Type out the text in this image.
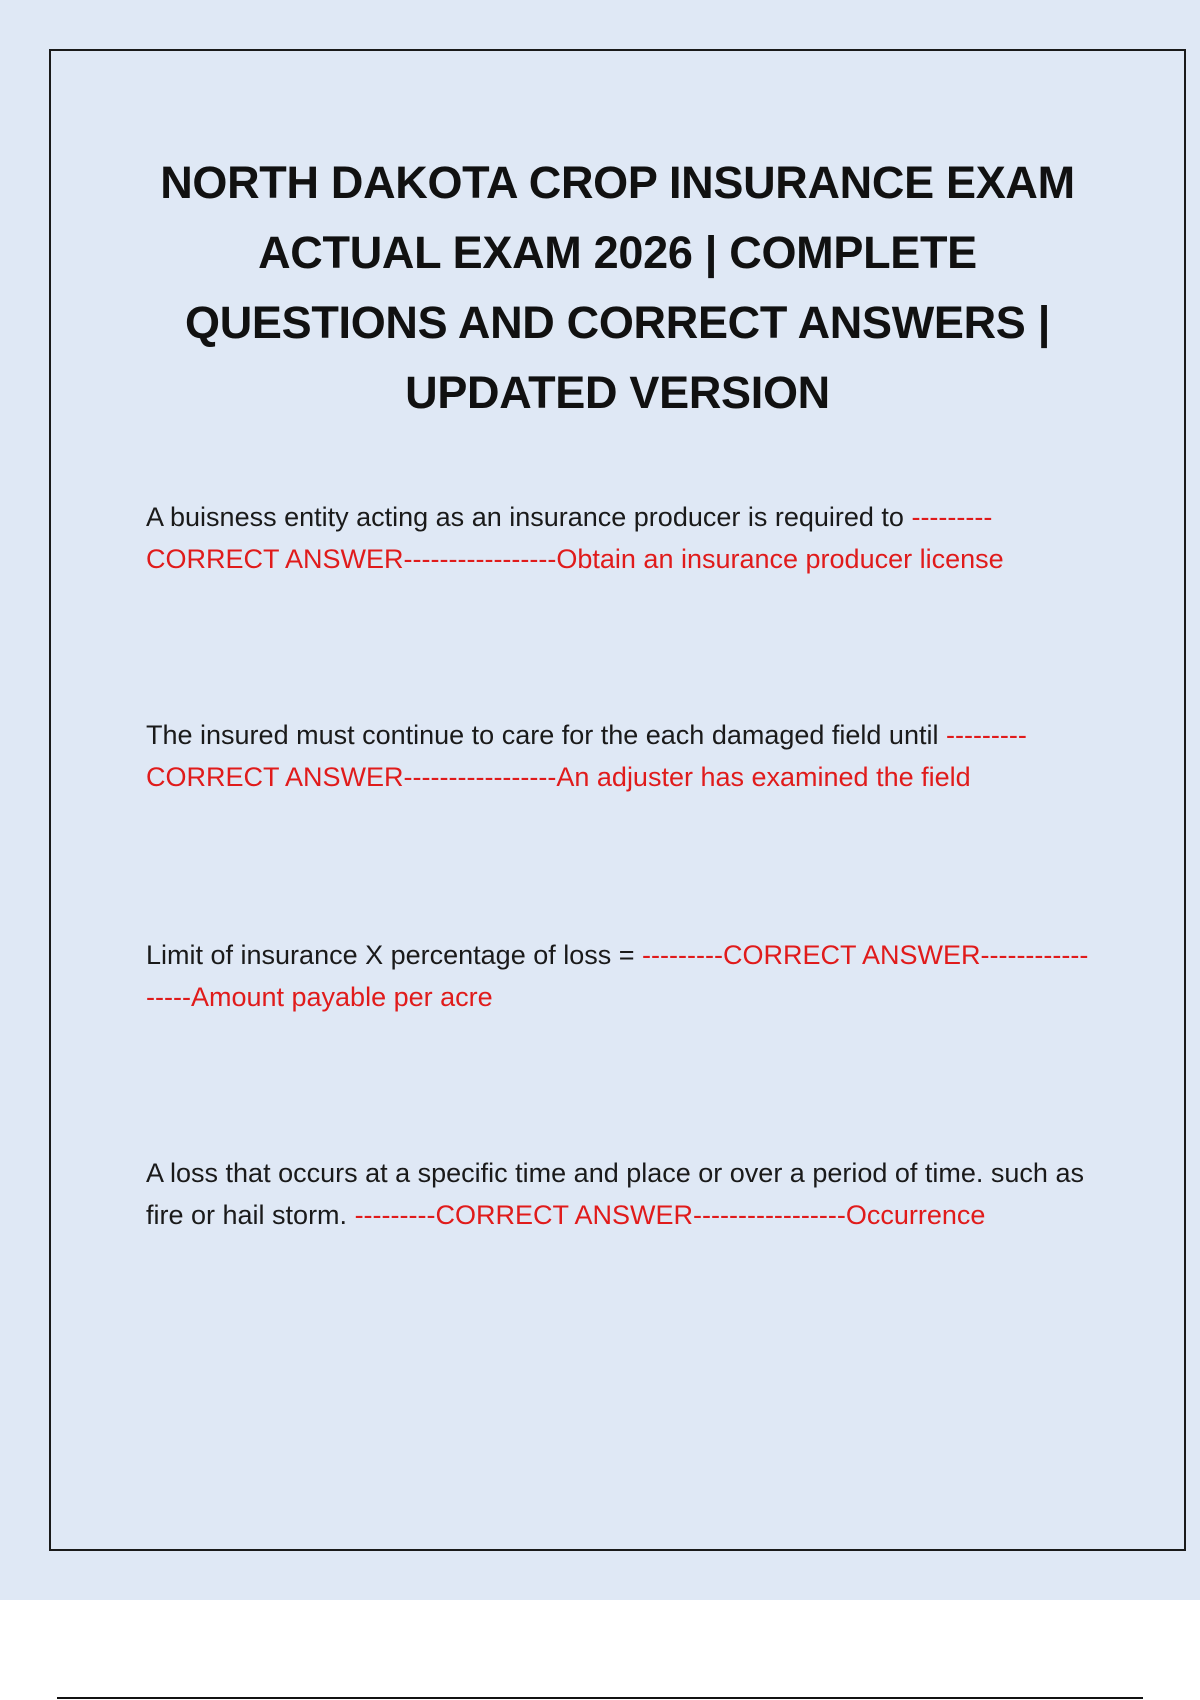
NORTH DAKOTA CROP INSURANCE EXAM
ACTUAL EXAM 2026 | COMPLETE
QUESTIONS AND CORRECT ANSWERS |
UPDATED VERSION

A buisness entity acting as an insurance producer is required to ---------CORRECT ANSWER-----------------Obtain an insurance producer license

The insured must continue to care for the each damaged field until ---------CORRECT ANSWER-----------------An adjuster has examined the field

Limit of insurance X percentage of loss = ---------CORRECT ANSWER-----------------Amount payable per acre

A loss that occurs at a specific time and place or over a period of time. such as fire or hail storm. ---------CORRECT ANSWER-----------------Occurrence
